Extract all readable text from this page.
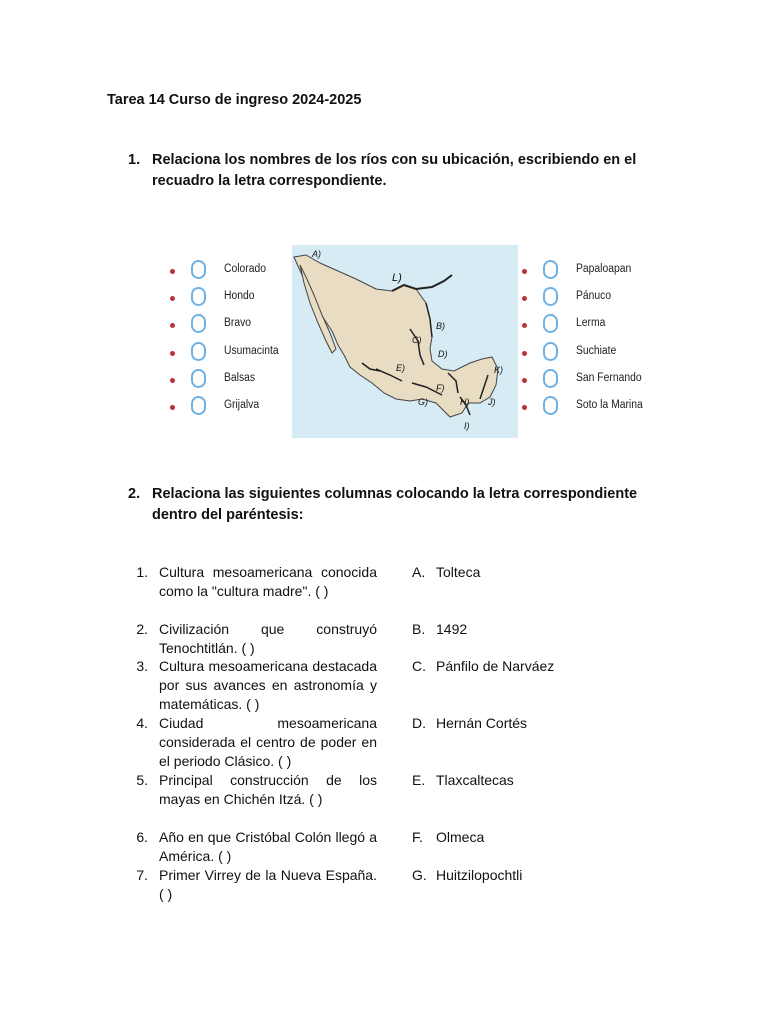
Tarea 14 Curso de ingreso 2024-2025
1. Relaciona los nombres de los ríos con su ubicación, escribiendo en el recuadro la letra correspondiente.
Colorado
Hondo
Bravo
Usumacinta
Balsas
Grijalva
A)
L)
B)
C)
D)
E)
F)
G)	H)
I)
J)
K)
Papaloapan
Pánuco
Lerma
Suchiate
San Fernando
Soto la Marina
2. Relaciona las siguientes columnas colocando la letra correspondiente dentro del paréntesis:
1. Cultura mesoamericana conocida como la "cultura madre". ( )
2. Civilización que construyó Tenochtitlán. ( )
3. Cultura mesoamericana destacada por sus avances en astronomía y matemáticas. ( )
4. Ciudad mesoamericana considerada el centro de poder en el periodo Clásico. ( )
5. Principal construcción de los mayas en Chichén Itzá. ( )
6. Año en que Cristóbal Colón llegó a América. ( )
7. Primer Virrey de la Nueva España. ( )
A. Tolteca
B. 1492
C. Pánfilo de Narváez
D. Hernán Cortés
E. Tlaxcaltecas
F. Olmeca
G. Huitzilopochtli
